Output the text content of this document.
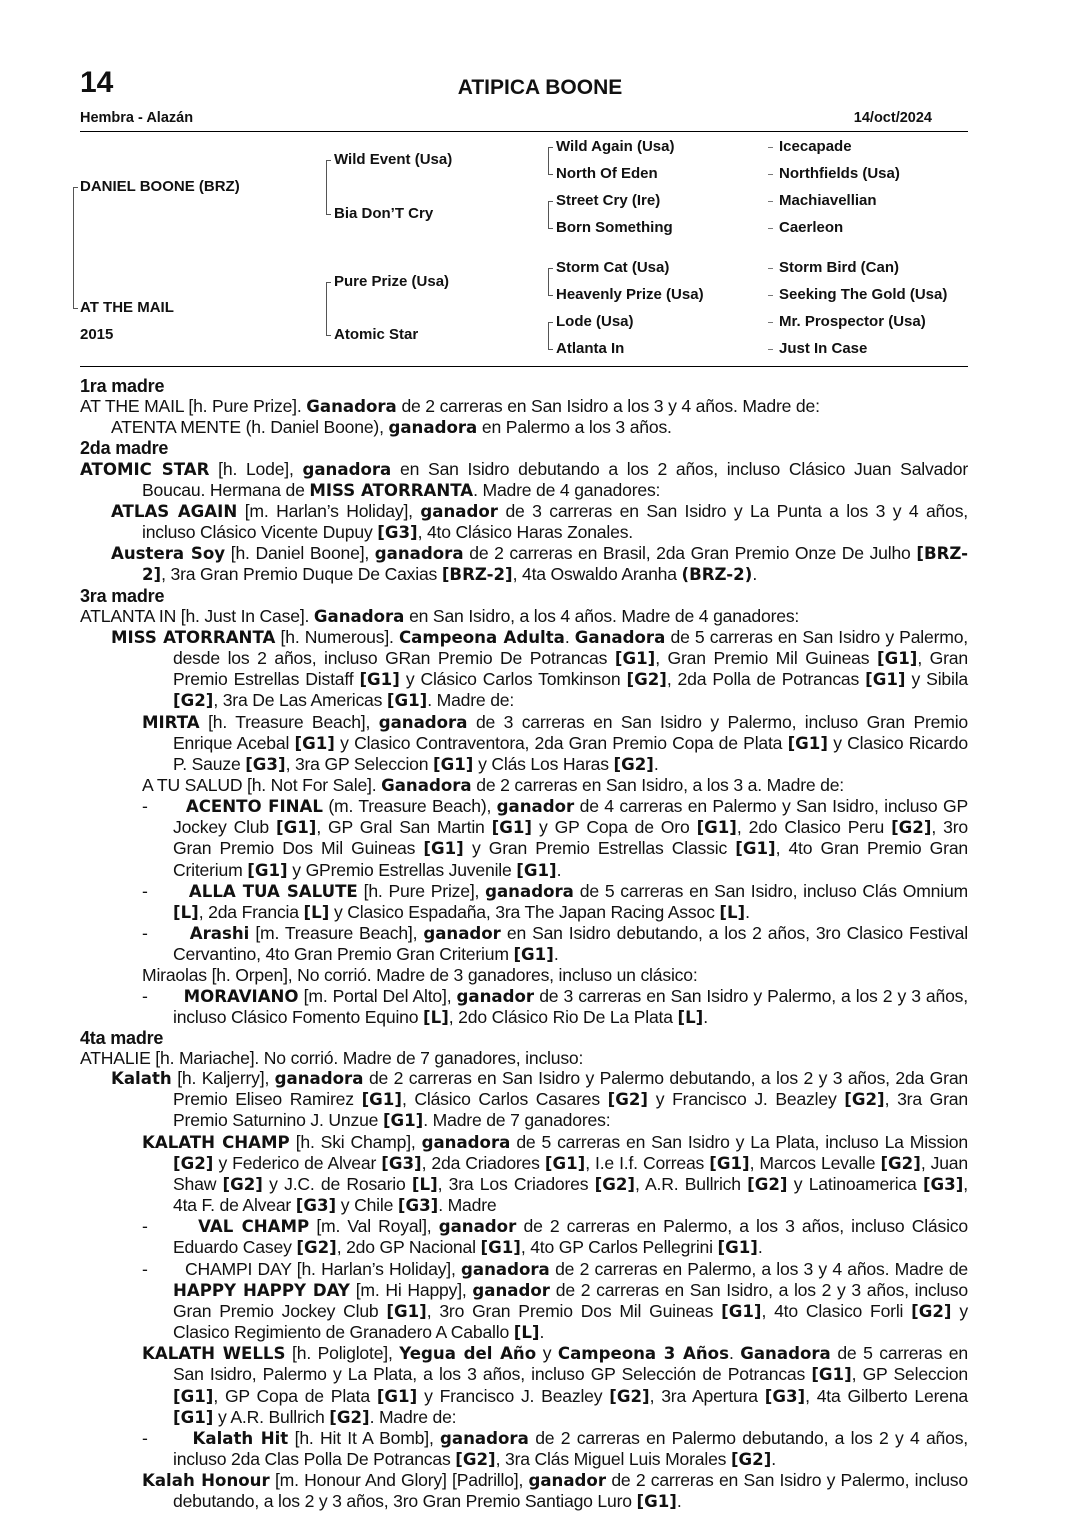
14	ATIPICA BOONE
Hembra - Alazán	14/oct/2024
DANIEL BOONE (BRZ)
AT THE MAIL
2015
Wild Event (Usa)
Bia Don’T Cry
Pure Prize (Usa)
Atomic Star
Wild Again (Usa)
North Of Eden
Street Cry (Ire)
Born Something
Storm Cat (Usa)
Heavenly Prize (Usa)
Lode (Usa)
Atlanta In
Icecapade
Northfields (Usa)
Machiavellian
Caerleon
Storm Bird (Can)
Seeking The Gold (Usa)
Mr. Prospector (Usa)
Just In Case
1ra madre
AT THE MAIL [h. Pure Prize]. Ganadora de 2 carreras en San Isidro a los 3 y 4 años. Madre de:
ATENTA MENTE (h. Daniel Boone), ganadora en Palermo a los 3 años.
2da madre
ATOMIC STAR [h. Lode], ganadora en San Isidro debutando a los 2 años, incluso Clásico Juan Salvador Boucau. Hermana de MISS ATORRANTA. Madre de 4 ganadores:
ATLAS AGAIN [m. Harlan’s Holiday], ganador de 3 carreras en San Isidro y La Punta a los 3 y 4 años, incluso Clásico Vicente Dupuy [G3], 4to Clásico Haras Zonales.
Austera Soy [h. Daniel Boone], ganadora de 2 carreras en Brasil, 2da Gran Premio Onze De Julho [BRZ-2], 3ra Gran Premio Duque De Caxias [BRZ-2], 4ta Oswaldo Aranha (BRZ-2).
3ra madre
ATLANTA IN [h. Just In Case]. Ganadora en San Isidro, a los 4 años. Madre de 4 ganadores:
MISS ATORRANTA [h. Numerous]. Campeona Adulta. Ganadora de 5 carreras en San Isidro y Palermo, desde los 2 años, incluso GRan Premio De Potrancas [G1], Gran Premio Mil Guineas [G1], Gran Premio Estrellas Distaff [G1] y Clásico Carlos Tomkinson [G2], 2da Polla de Potrancas [G1] y Sibila [G2], 3ra De Las Americas [G1]. Madre de:
MIRTA [h. Treasure Beach], ganadora de 3 carreras en San Isidro y Palermo, incluso Gran Premio Enrique Acebal [G1] y Clasico Contraventora, 2da Gran Premio Copa de Plata [G1] y Clasico Ricardo P. Sauze [G3], 3ra GP Seleccion [G1] y Clás Los Haras [G2].
A TU SALUD [h. Not For Sale]. Ganadora de 2 carreras en San Isidro, a los 3 a. Madre de:
-       ACENTO FINAL (m. Treasure Beach), ganador de 4 carreras en Palermo y San Isidro, incluso GP Jockey Club [G1], GP Gral San Martin [G1] y GP Copa de Oro [G1], 2do Clasico Peru [G2], 3ro Gran Premio Dos Mil Guineas [G1] y Gran Premio Estrellas Classic [G1], 4to Gran Premio Gran Criterium [G1] y GPremio Estrellas Juvenile [G1].
-       ALLA TUA SALUTE [h. Pure Prize], ganadora de 5 carreras en San Isidro, incluso Clás Omnium [L], 2da Francia [L] y Clasico Espadaña, 3ra The Japan Racing Assoc [L].
-       Arashi [m. Treasure Beach], ganador en San Isidro debutando, a los 2 años, 3ro Clasico Festival Cervantino, 4to Gran Premio Gran Criterium [G1].
Miraolas [h. Orpen], No corrió. Madre de 3 ganadores, incluso un clásico:
-       MORAVIANO [m. Portal Del Alto], ganador de 3 carreras en San Isidro y Palermo, a los 2 y 3 años, incluso Clásico Fomento Equino [L], 2do Clásico Rio De La Plata [L].
4ta madre
ATHALIE [h. Mariache]. No corrió. Madre de 7 ganadores, incluso:
Kalath [h. Kaljerry], ganadora de 2 carreras en San Isidro y Palermo debutando, a los 2 y 3 años, 2da Gran Premio Eliseo Ramirez [G1], Clásico Carlos Casares [G2] y Francisco J. Beazley [G2], 3ra Gran Premio Saturnino J. Unzue [G1]. Madre de 7 ganadores:
KALATH CHAMP [h. Ski Champ], ganadora de 5 carreras en San Isidro y La Plata, incluso La Mission [G2] y Federico de Alvear [G3], 2da Criadores [G1], I.e I.f. Correas [G1], Marcos Levalle [G2], Juan Shaw [G2] y J.C. de Rosario [L], 3ra Los Criadores [G2], A.R. Bullrich [G2] y Latinoamerica [G3], 4ta F. de Alvear [G3] y Chile [G3]. Madre
-       VAL CHAMP [m. Val Royal], ganador de 2 carreras en Palermo, a los 3 años, incluso Clásico Eduardo Casey [G2], 2do GP Nacional [G1], 4to GP Carlos Pellegrini [G1].
-       CHAMPI DAY [h. Harlan’s Holiday], ganadora de 2 carreras en Palermo, a los 3 y 4 años. Madre de HAPPY HAPPY DAY [m. Hi Happy], ganador de 2 carreras en San Isidro, a los 2 y 3 años, incluso Gran Premio Jockey Club [G1], 3ro Gran Premio Dos Mil Guineas [G1], 4to Clasico Forli [G2] y Clasico Regimiento de Granadero A Caballo [L].
KALATH WELLS [h. Poliglote], Yegua del Año y Campeona 3 Años. Ganadora de 5 carreras en San Isidro, Palermo y La Plata, a los 3 años, incluso GP Selección de Potrancas [G1], GP Seleccion [G1], GP Copa de Plata [G1] y Francisco J. Beazley [G2], 3ra Apertura [G3], 4ta Gilberto Lerena [G1] y A.R. Bullrich [G2]. Madre de:
-       Kalath Hit [h. Hit It A Bomb], ganadora de 2 carreras en Palermo debutando, a los 2 y 4 años, incluso 2da Clas Polla De Potrancas [G2], 3ra Clás Miguel Luis Morales [G2].
Kalah Honour [m. Honour And Glory] [Padrillo], ganador de 2 carreras en San Isidro y Palermo, incluso debutando, a los 2 y 3 años, 3ro Gran Premio Santiago Luro [G1].
